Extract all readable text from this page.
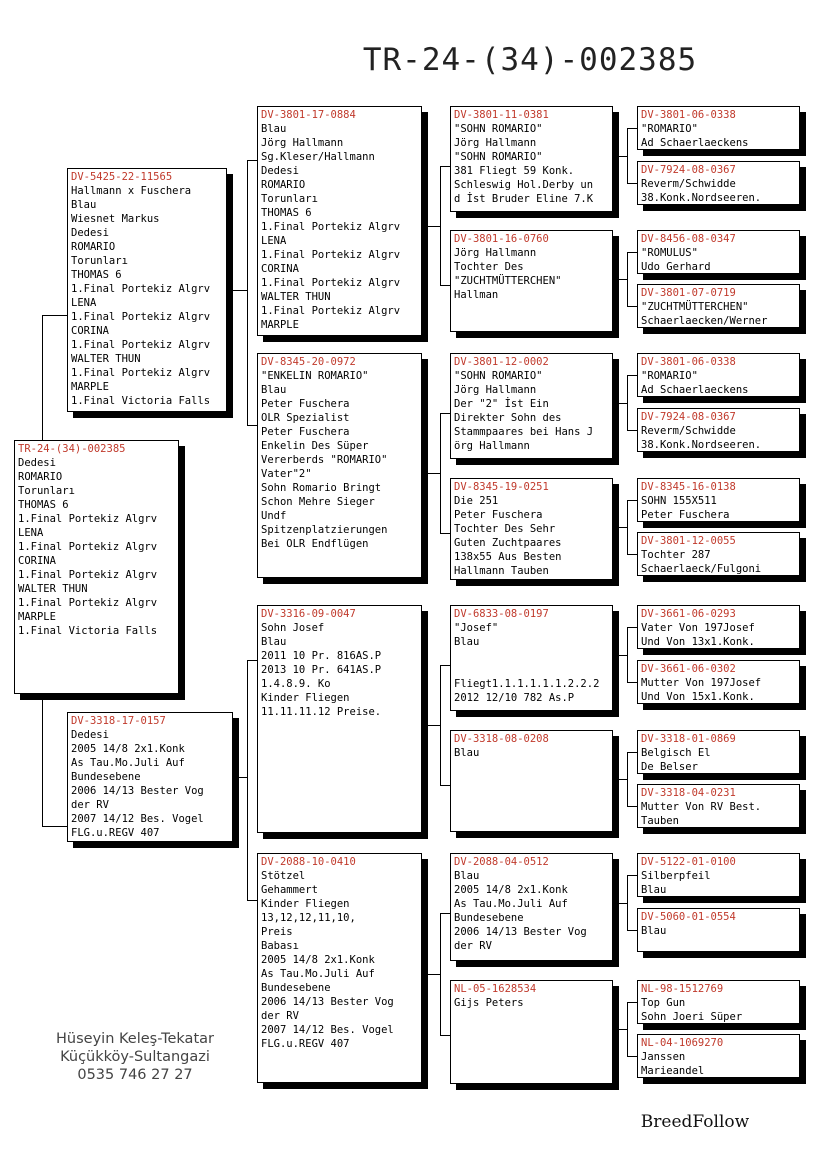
TR-24-(34)-002385
TR-24-(34)-002385
Dedesi
ROMARIO
Torunları
THOMAS 6
1.Final Portekiz Algrv
LENA
1.Final Portekiz Algrv
CORINA
1.Final Portekiz Algrv
WALTER THUN
1.Final Portekiz Algrv
MARPLE
1.Final Victoria Falls
DV-5425-22-11565
Hallmann x Fuschera
Blau
Wiesnet Markus
Dedesi
ROMARIO
Torunları
THOMAS 6
1.Final Portekiz Algrv
LENA
1.Final Portekiz Algrv
CORINA
1.Final Portekiz Algrv
WALTER THUN
1.Final Portekiz Algrv
MARPLE
1.Final Victoria Falls
DV-3318-17-0157
Dedesi
2005 14/8 2x1.Konk
As Tau.Mo.Juli Auf
Bundesebene
2006 14/13 Bester Vog
der RV
2007 14/12 Bes. Vogel
FLG.u.REGV 407
DV-3801-17-0884
Blau
Jörg Hallmann
Sg.Kleser/Hallmann
Dedesi
ROMARIO
Torunları
THOMAS 6
1.Final Portekiz Algrv
LENA
1.Final Portekiz Algrv
CORINA
1.Final Portekiz Algrv
WALTER THUN
1.Final Portekiz Algrv
MARPLE
DV-8345-20-0972
"ENKELIN ROMARIO"
Blau
Peter Fuschera
OLR Spezialist
Peter Fuschera
Enkelin Des Süper
Vererberds "ROMARIO"
Vater"2"
Sohn Romario Bringt
Schon Mehre Sieger
Undf
Spitzenplatzierungen
Bei OLR Endflügen
DV-3316-09-0047
Sohn Josef
Blau
2011 10 Pr. 816AS.P
2013 10 Pr. 641AS.P
1.4.8.9. Ko
Kinder Fliegen
11.11.11.12 Preise.
DV-2088-10-0410
Stötzel
Gehammert
Kinder Fliegen
13,12,12,11,10,
Preis
Babası
2005 14/8 2x1.Konk
As Tau.Mo.Juli Auf
Bundesebene
2006 14/13 Bester Vog
der RV
2007 14/12 Bes. Vogel
FLG.u.REGV 407
DV-3801-11-0381
"SOHN ROMARIO"
Jörg Hallmann
"SOHN ROMARIO"
381 Fliegt 59 Konk.
Schleswig Hol.Derby un
d İst Bruder Eline 7.K
DV-3801-16-0760
Jörg Hallmann
Tochter Des
"ZUCHTMÜTTERCHEN"
Hallman
DV-3801-12-0002
"SOHN ROMARIO"
Jörg Hallmann
Der "2" İst Ein
Direkter Sohn des
Stammpaares bei Hans J
örg Hallmann
DV-8345-19-0251
Die 251
Peter Fuschera
Tochter Des Sehr
Guten Zuchtpaares
138x55 Aus Besten
Hallmann Tauben
DV-6833-08-0197
"Josef"
Blau

Fliegt1.1.1.1.1.1.2.2.2
2012 12/10 782 As.P
DV-3318-08-0208
Blau
DV-2088-04-0512
Blau
2005 14/8 2x1.Konk
As Tau.Mo.Juli Auf
Bundesebene
2006 14/13 Bester Vog
der RV
NL-05-1628534
Gijs Peters
DV-3801-06-0338
"ROMARIO"
Ad Schaerlaeckens
DV-7924-08-0367
Reverm/Schwidde
38.Konk.Nordseeren.
DV-8456-08-0347
"ROMULUS"
Udo Gerhard
DV-3801-07-0719
"ZUCHTMÜTTERCHEN"
Schaerlaecken/Werner
DV-3801-06-0338
"ROMARIO"
Ad Schaerlaeckens
DV-7924-08-0367
Reverm/Schwidde
38.Konk.Nordseeren.
DV-8345-16-0138
SOHN 155X511
Peter Fuschera
DV-3801-12-0055
Tochter 287
Schaerlaeck/Fulgoni
DV-3661-06-0293
Vater Von 197Josef
Und Von 13x1.Konk.
DV-3661-06-0302
Mutter Von 197Josef
Und Von 15x1.Konk.
DV-3318-01-0869
Belgisch El
De Belser
DV-3318-04-0231
Mutter Von RV Best.
Tauben
DV-5122-01-0100
Silberpfeil
Blau
DV-5060-01-0554
Blau
NL-98-1512769
Top Gun
Sohn Joeri Süper
NL-04-1069270
Janssen
Marieandel
Hüseyin Keleş-Tekatar
Küçükköy-Sultangazi
0535 746 27 27
BreedFollow
